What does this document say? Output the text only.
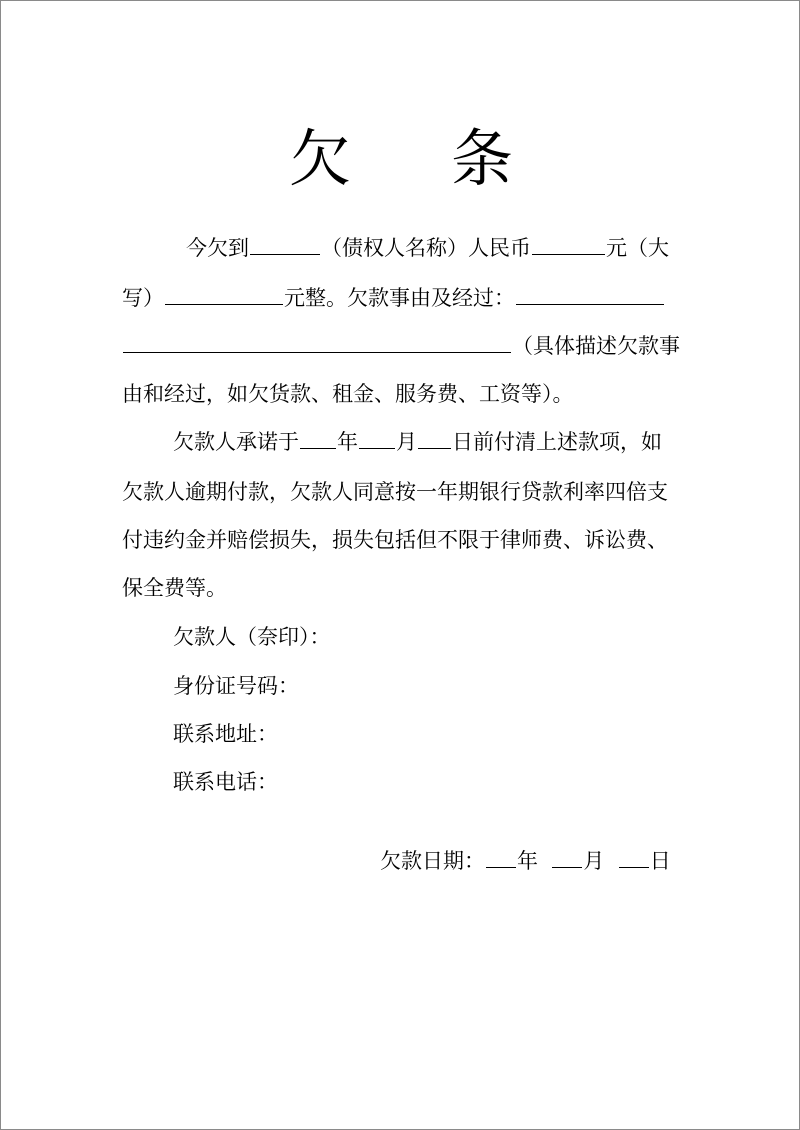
欠 条
今欠到	（债权人名称）人民币	元（大
写）	元整。欠款事由及经过：
（具体描述欠款事
由和经过，如欠货款、租金、服务费、工资等）。
欠款人承诺于 年 月 日前付清上述款项，如
欠款人逾期付款，欠款人同意按一年期银行贷款利率四倍支
付违约金并赔偿损失，损失包括但不限于律师费、诉讼费、
保全费等。
欠款人（奈印）：
身份证号码：
联系地址：
联系电话：
欠款日期： 年 月 日
